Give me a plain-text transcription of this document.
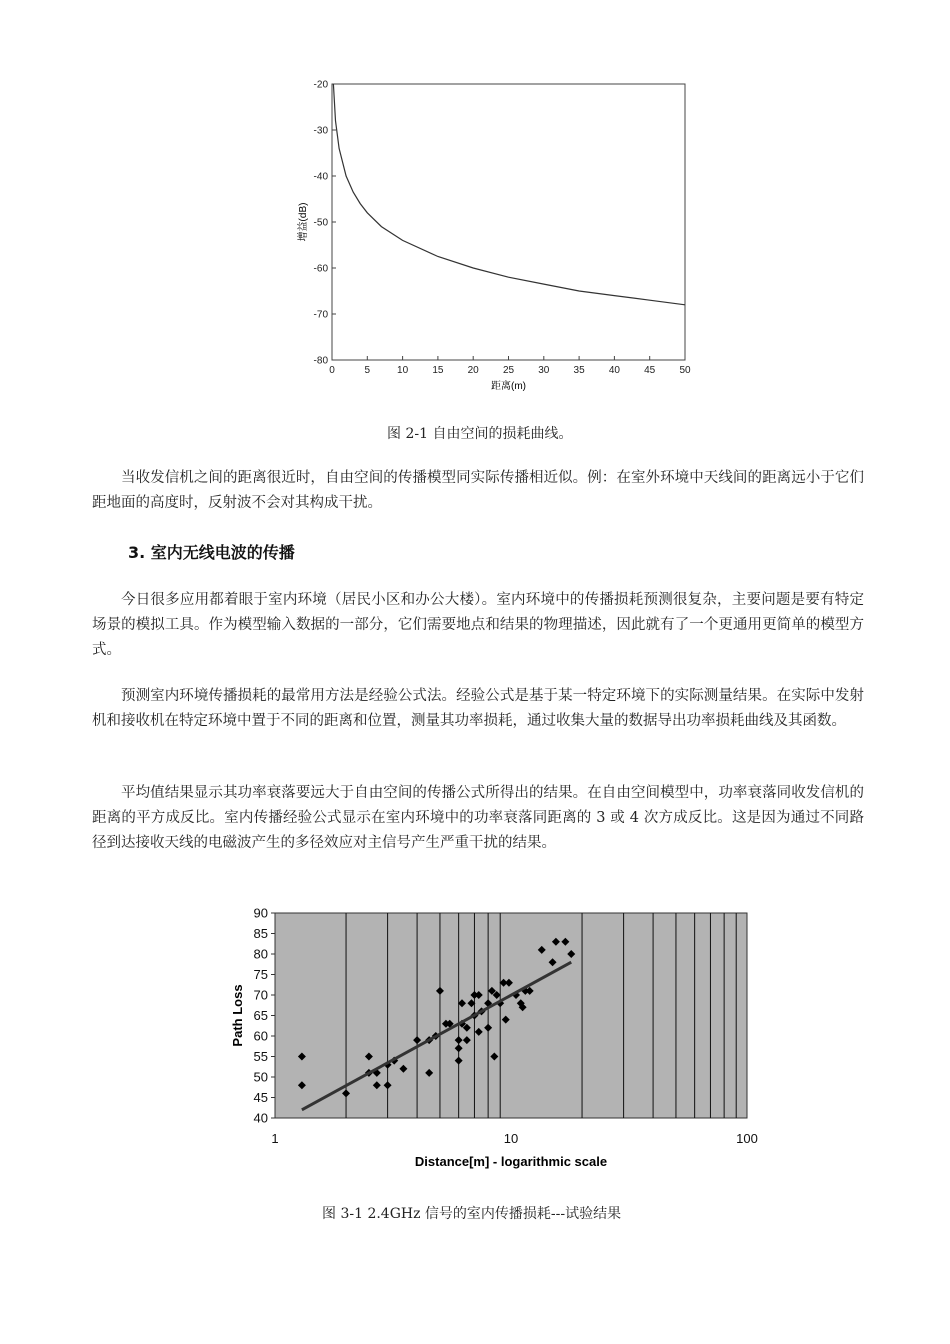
0	5	10 15 20 25 30 35 40 45 50
-20
-30
-40
-50
-60
-70
-80
距离(m)
增益(dB)
图 2-1 自由空间的损耗曲线。

当收发信机之间的距离很近时，自由空间的传播模型同实际传播相近似。例：在室外环境中天线间的距离远小于它们距地面的高度时，反射波不会对其构成干扰。

3. 室内无线电波的传播

今日很多应用都着眼于室内环境（居民小区和办公大楼）。室内环境中的传播损耗预测很复杂，主要问题是要有特定场景的模拟工具。作为模型输入数据的一部分，它们需要地点和结果的物理描述，因此就有了一个更通用更简单的模型方式。

预测室内环境传播损耗的最常用方法是经验公式法。经验公式是基于某一特定环境下的实际测量结果。在实际中发射机和接收机在特定环境中置于不同的距离和位置，测量其功率损耗，通过收集大量的数据导出功率损耗曲线及其函数。

平均值结果显示其功率衰落要远大于自由空间的传播公式所得出的结果。在自由空间模型中，功率衰落同收发信机的距离的平方成反比。室内传播经验公式显示在室内环境中的功率衰落同距离的 3 或 4 次方成反比。这是因为通过不同路径到达接收天线的电磁波产生的多径效应对主信号产生严重干扰的结果。

40
45
50
55
60
65
70
75
80
85
90
1	10	100
Distance[m] - logarithmic scale
Path Loss
图 3-1 2.4GHz 信号的室内传播损耗---试验结果
